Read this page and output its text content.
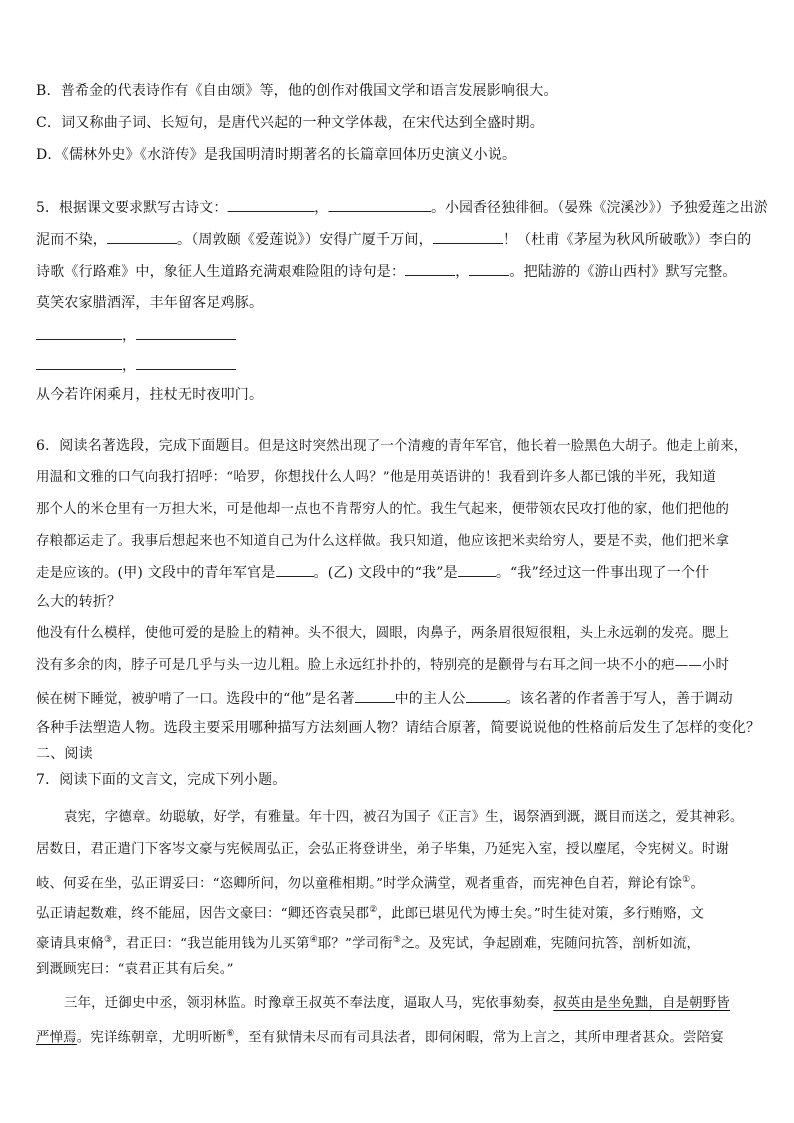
B．普希金的代表诗作有《自由颂》等，他的创作对俄国文学和语言发展影响很大。
C．词又称曲子词、长短句，是唐代兴起的一种文学体裁，在宋代达到全盛时期。
D．《儒林外史》《水浒传》是我国明清时期著名的长篇章回体历史演义小说。
5．根据课文要求默写古诗文：	，	。小园香径独徘徊。（晏殊《浣溪沙》）予独爱莲之出淤
泥而不染，	。（周敦颐《爱莲说》）安得广厦千万间，	！（杜甫《茅屋为秋风所破歌》）李白的
诗歌《行路难》中，象征人生道路充满艰难险阻的诗句是：	，	。把陆游的《游山西村》默写完整。
莫笑农家腊酒浑，丰年留客足鸡豚。
，
，
从今若许闲乘月，拄杖无时夜叩门。
6．阅读名著选段，完成下面题目。但是这时突然出现了一个清瘦的青年军官，他长着一脸黑色大胡子。他走上前来，
用温和文雅的口气向我打招呼：“哈罗，你想找什么人吗？”他是用英语讲的！我看到许多人都已饿的半死，我知道
那个人的米仓里有一万担大米，可是他却一点也不肯帮穷人的忙。我生气起来，便带领农民攻打他的家，他们把他的
存粮都运走了。我事后想起来也不知道自己为什么这样做。我只知道，他应该把米卖给穷人，要是不卖，他们把米拿
走是应该的。(甲) 文段中的青年军官是	。(乙) 文段中的“我”是	。“我”经过这一件事出现了一个什
么大的转折？
他没有什么模样，使他可爱的是脸上的精神。头不很大，圆眼，肉鼻子，两条眉很短很粗，头上永远剃的发亮。腮上
没有多余的肉，脖子可是几乎与头一边儿粗。脸上永远红扑扑的，特别亮的是颧骨与右耳之间一块不小的疤——小时
候在树下睡觉，被驴啃了一口。选段中的“他”是名著	中的主人公	。该名著的作者善于写人，善于调动
各种手法塑造人物。选段主要采用哪种描写方法刻画人物？请结合原著，简要说说他的性格前后发生了怎样的变化？
二、阅读
7．阅读下面的文言文，完成下列小题。
袁宪，字德章。幼聪敏，好学，有雅量。年十四，被召为国子《正言》生，谒祭酒到溉，溉目而送之，爱其神彩。
居数日，君正遣门下客岑文豪与宪候周弘正，会弘正将登讲坐，弟子毕集，乃延宪入室，授以麈尾，令宪树义。时谢
岐、何妥在坐，弘正谓妥曰：“恣卿所问，勿以童稚相期。”时学众满堂，观者重沓，而宪神色自若，辩论有馀①。
弘正请起数难，终不能屈，因告文豪曰：“卿还咨袁吴郡②，此郎已堪见代为博士矣。”时生徒对策，多行贿赂，文
豪请具束脩③，君正曰：“我岂能用钱为儿买第④耶？”学司衔⑤之。及宪试，争起剧难，宪随问抗答，剖析如流，
到溉顾宪曰：“袁君正其有后矣。”
三年，迁御史中丞，领羽林监。时豫章王叔英不奉法度，逼取人马，宪依事劾奏，叔英由是坐免黜，自是朝野皆
严惮焉。宪详练朝章，尤明听断⑥，至有狱情未尽而有司具法者，即伺闲暇，常为上言之，其所申理者甚众。尝陪宴
